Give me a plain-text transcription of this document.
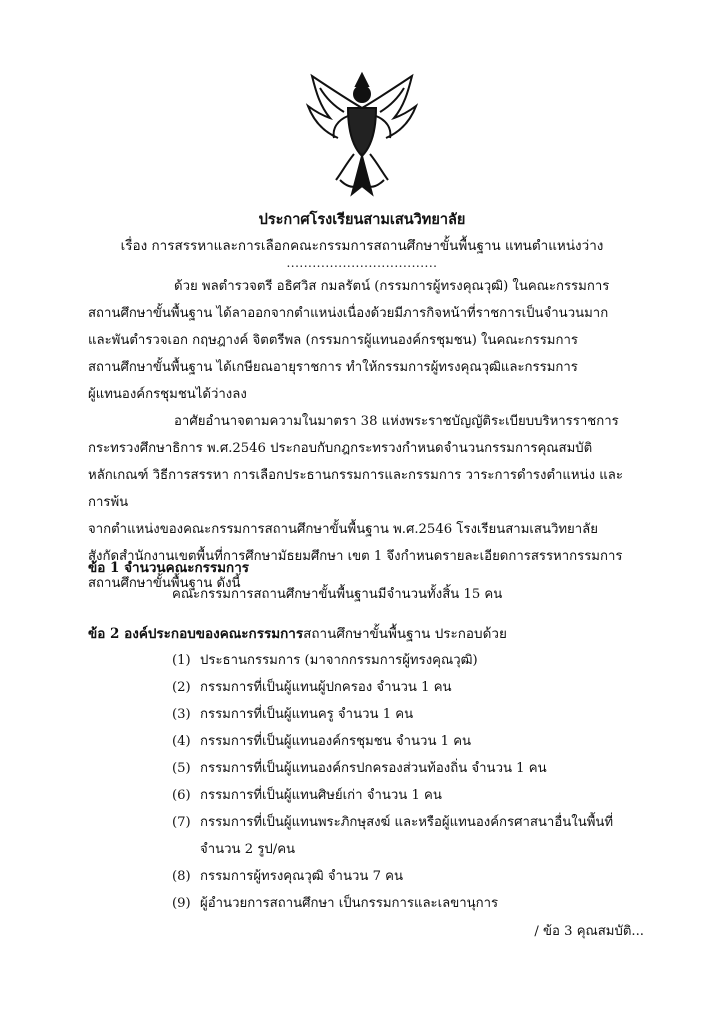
ประกาศโรงเรียนสามเสนวิทยาลัย
เรื่อง การสรรหาและการเลือกคณะกรรมการสถานศึกษาขั้นพื้นฐาน แทนตำแหน่งว่าง
...................................

ด้วย พลตำรวจตรี อธิศวิส กมลรัตน์ (กรรมการผู้ทรงคุณวุฒิ) ในคณะกรรมการ

สถานศึกษาขั้นพื้นฐาน ได้ลาออกจากตำแหน่งเนื่องด้วยมีภารกิจหน้าที่ราชการเป็นจำนวนมาก

และพันตำรวจเอก กฤษฎางค์ จิตตรีพล (กรรมการผู้แทนองค์กรชุมชน) ในคณะกรรมการ

สถานศึกษาขั้นพื้นฐาน ได้เกษียณอายุราชการ ทำให้กรรมการผู้ทรงคุณวุฒิและกรรมการ

ผู้แทนองค์กรชุมชนได้ว่างลง

อาศัยอำนาจตามความในมาตรา 38 แห่งพระราชบัญญัติระเบียบบริหารราชการ

กระทรวงศึกษาธิการ พ.ศ.2546 ประกอบกับกฎกระทรวงกำหนดจำนวนกรรมการคุณสมบัติ

หลักเกณฑ์ วิธีการสรรหา การเลือกประธานกรรมการและกรรมการ วาระการดำรงตำแหน่ง และการพ้น

จากตำแหน่งของคณะกรรมการสถานศึกษาขั้นพื้นฐาน พ.ศ.2546 โรงเรียนสามเสนวิทยาลัย

สังกัดสำนักงานเขตพื้นที่การศึกษามัธยมศึกษา เขต 1 จึงกำหนดรายละเอียดการสรรหากรรมการ

สถานศึกษาขั้นพื้นฐาน ดังนี้

ข้อ 1 จำนวนคณะกรรมการ
คณะกรรมการสถานศึกษาขั้นพื้นฐานมีจำนวนทั้งสิ้น 15 คน
ข้อ 2 องค์ประกอบของคณะกรรมการสถานศึกษาขั้นพื้นฐาน ประกอบด้วย
(1) ประธานกรรมการ (มาจากกรรมการผู้ทรงคุณวุฒิ)
(2) กรรมการที่เป็นผู้แทนผู้ปกครอง จำนวน 1 คน
(3) กรรมการที่เป็นผู้แทนครู จำนวน 1 คน
(4) กรรมการที่เป็นผู้แทนองค์กรชุมชน จำนวน 1 คน
(5) กรรมการที่เป็นผู้แทนองค์กรปกครองส่วนท้องถิ่น จำนวน 1 คน
(6) กรรมการที่เป็นผู้แทนศิษย์เก่า จำนวน 1 คน
(7) กรรมการที่เป็นผู้แทนพระภิกษุสงฆ์ และหรือผู้แทนองค์กรศาสนาอื่นในพื้นที่
จำนวน 2 รูป/คน
(8) กรรมการผู้ทรงคุณวุฒิ จำนวน 7 คน
(9) ผู้อำนวยการสถานศึกษา เป็นกรรมการและเลขานุการ
/ ข้อ 3 คุณสมบัติ...
